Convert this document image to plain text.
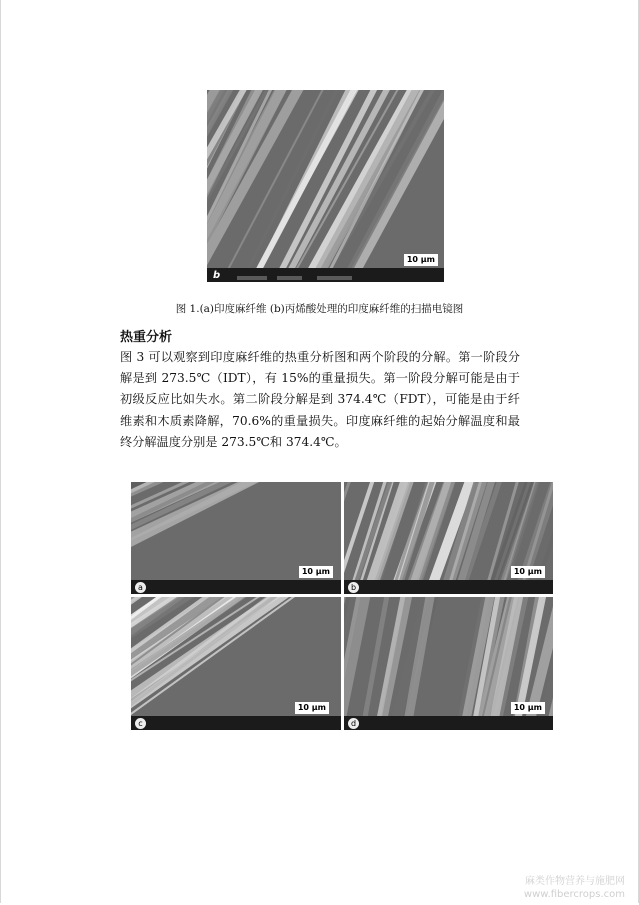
b
10 µm
图 1.(a)印度麻纤维 (b)丙烯酸处理的印度麻纤维的扫描电镜图
热重分析
图 3 可以观察到印度麻纤维的热重分析图和两个阶段的分解。第一阶段分解是到 273.5℃（IDT），有 15%的重量损失。第一阶段分解可能是由于初级反应比如失水。第二阶段分解是到 374.4℃（FDT），可能是由于纤维素和木质素降解，70.6%的重量损失。印度麻纤维的起始分解温度和最终分解温度分别是 273.5℃和 374.4℃。
a
10 µm
b
10 µm
c
10 µm
d
10 µm
麻类作物营养与施肥网
www.fibercrops.com
